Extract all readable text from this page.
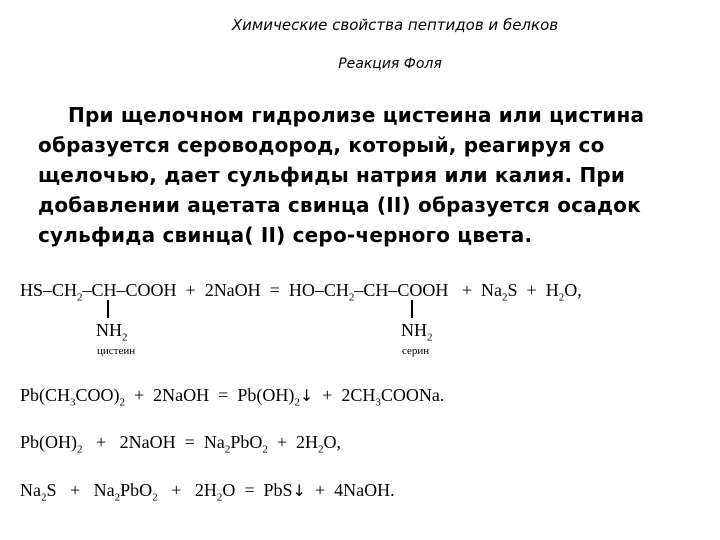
Химические свойства пептидов и белков
Реакция Фоля
При щелочном гидролизе цистеина или цистина образуется сероводород, который, реагируя со щелочью, дает сульфиды натрия или калия. При добавлении ацетата свинца (II) образуется осадок сульфида свинца( II) серо-черного цвета.
$HS-CH_2-CH$–COOH + 2NaOH = $HO-CH_2-CH$–COOH + $Na_2S + H_2O$,
$NH_2$
цистеин
$NH_2$
серин
$Pb(CH_3COO)_2$ + 2NaOH = $Pb(OH)_2↓$ + $2CH_3COONa$.
$Pb(OH)_2$ + 2NaOH = $Na_2PbO_2 + 2H_2O$,
$Na_2S + Na_2PbO_2 + 2H_2O$ = PbS↓ + 4NaOH.
